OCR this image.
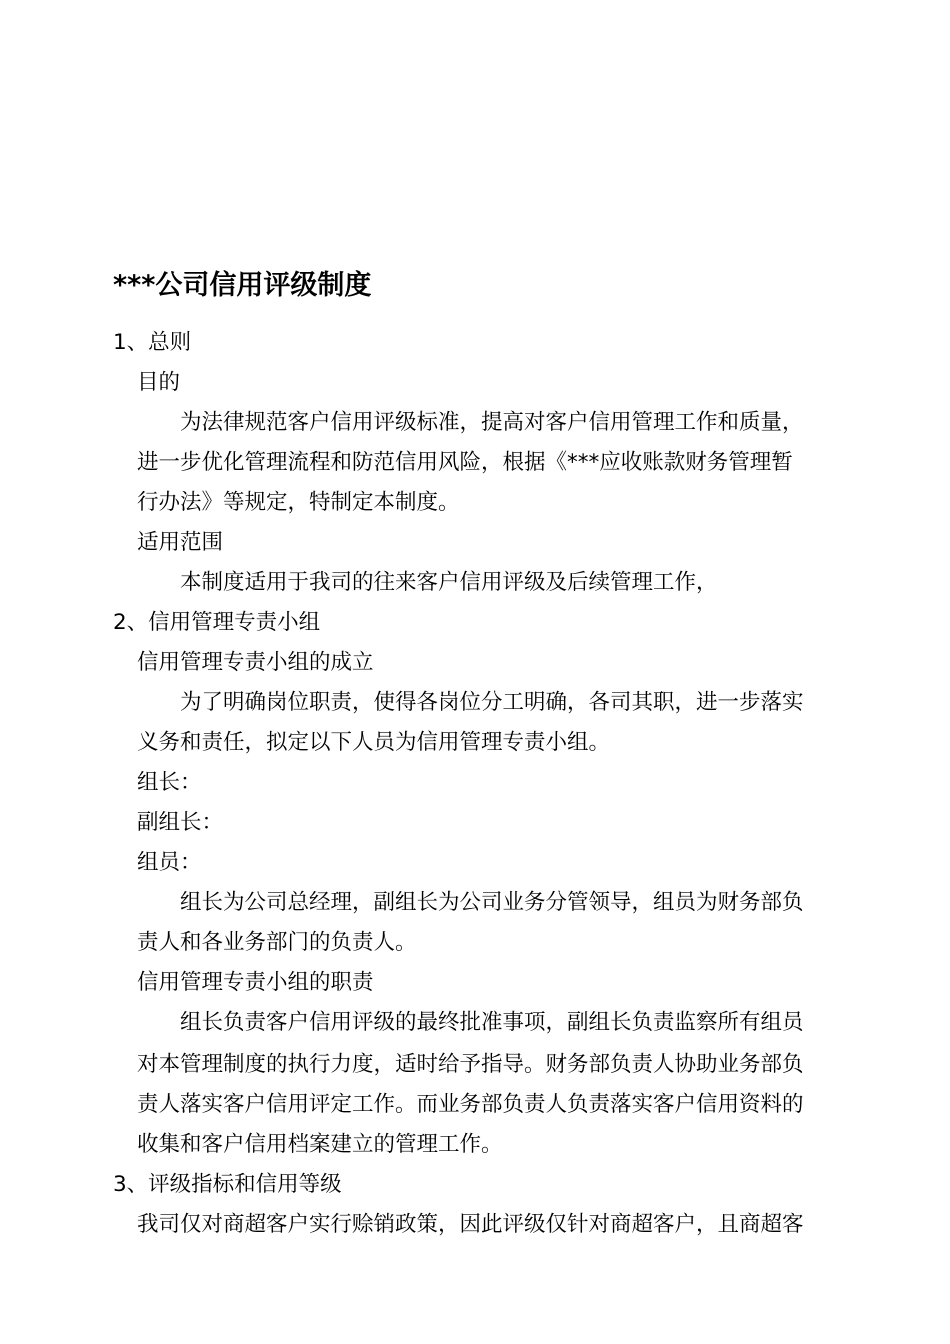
***公司信用评级制度
1、总则
目的
为法律规范客户信用评级标准，提高对客户信用管理工作和质量，
进一步优化管理流程和防范信用风险，根据《***应收账款财务管理暂
行办法》等规定，特制定本制度。
适用范围
本制度适用于我司的往来客户信用评级及后续管理工作，
2、信用管理专责小组
信用管理专责小组的成立
为了明确岗位职责，使得各岗位分工明确，各司其职，进一步落实
义务和责任，拟定以下人员为信用管理专责小组。
组长：
副组长：
组员：
组长为公司总经理，副组长为公司业务分管领导，组员为财务部负
责人和各业务部门的负责人。
信用管理专责小组的职责
组长负责客户信用评级的最终批准事项，副组长负责监察所有组员
对本管理制度的执行力度，适时给予指导。财务部负责人协助业务部负
责人落实客户信用评定工作。而业务部负责人负责落实客户信用资料的
收集和客户信用档案建立的管理工作。
3、评级指标和信用等级
我司仅对商超客户实行赊销政策，因此评级仅针对商超客户，且商超客
